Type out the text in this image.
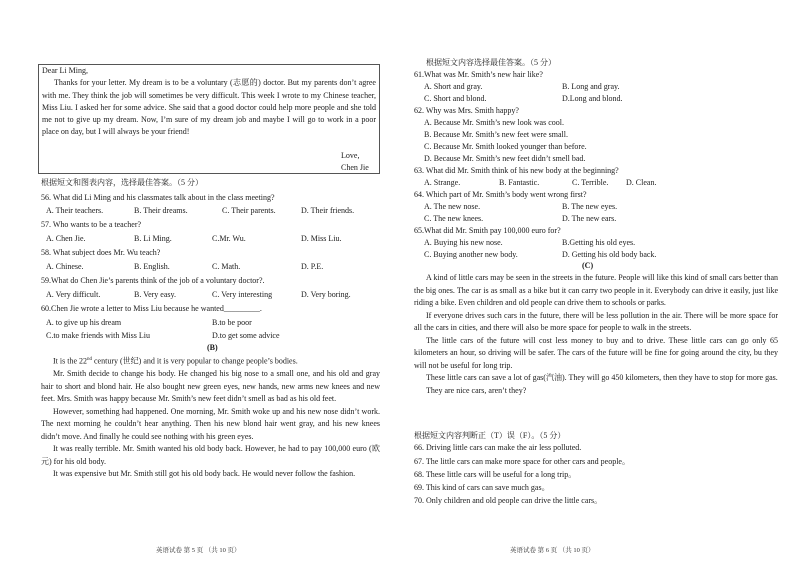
Dear Li Ming,

Thanks for your letter. My dream is to be a voluntary (志愿的) doctor. But my parents don’t agree with me. They think the job will sometimes be very difficult. This week I wrote to my Chinese teacher, Miss Liu. I asked her for some advice. She said that a good doctor could help more people and she told me not to give up my dream. Now, I’m sure of my dream job and maybe I will go to work in a poor place on day, but I will always be your friend!

Love,
Chen Jie
根据短文和图表内容，选择最佳答案。（5 分）
56. What did Li Ming and his classmates talk about in the class meeting?
A. Their teachers.	B. Their dreams.	C. Their parents.	D. Their friends.
57. Who wants to be a teacher?
A. Chen Jie.	B. Li Ming.	C.Mr. Wu.	D. Miss Liu.
58. What subject does Mr. Wu teach?
A. Chinese.	B. English.	C. Math.	D. P.E.
59.What do Chen Jie’s parents think of the job of a voluntary doctor?.
A. Very difficult.	B. Very easy.	C. Very interesting	D. Very boring.
60.Chen Jie wrote a letter to Miss Liu because he wanted_________.
A. to give up his dream	B.to be poor
C.to make friends with Miss Liu	D.to get some advice
(B)

It is the 22nd century (世纪) and it is very popular to change people’s bodies.

Mr. Smith decide to change his body. He changed his big nose to a small one, and his old and gray hair to short and blond hair. He also bought new green eyes, new hands, new arms new knees and new feet. Mrs. Smith was happy because Mr. Smith’s new feet didn’t smell as bad as his old feet.

However, something had happened. One morning, Mr. Smith woke up and his new nose didn’t work. The next morning he couldn’t hear anything. Then his new blond hair went gray, and his new knees didn’t move. And finally he could see nothing with his green eyes.

It was really terrible. Mr. Smith wanted his old body back. However, he had to pay 100,000 euro (欧元) for his old body.

It was expensive but Mr. Smith still got his old body back. He would never follow the fashion.

英语试卷 第 5 页 （共 10 页）
根据短文内容选择最佳答案。（5 分）
61.What was Mr. Smith’s new hair like?
A. Short and gray.	B. Long and gray.
C. Short and blond.	D.Long and blond.
62. Why was Mrs. Smith happy?
A. Because Mr. Smith’s new look was cool.
B. Because Mr. Smith’s new feet were small.
C. Because Mr. Smith looked younger than before.
D. Because Mr. Smith’s new feet didn’t smell bad.
63. What did Mr. Smith think of his new body at the beginning?
A. Strange.	B. Fantastic.	C. Terrible. D. Clean.
64. Which part of Mr. Smith’s body went wrong first?
A. The new nose.	B. The new eyes.
C. The new knees.	D. The new ears.
65.What did Mr. Smith pay 100,000 euro for?
A. Buying his new nose.	B.Getting his old eyes.
C. Buying another new body.	D. Getting his old body back.
(C)

A kind of little cars may be seen in the streets in the future. People will like this kind of small cars better than the big ones. The car is as small as a bike but it can carry two people in it. Everybody can drive it easily, just like riding a bike. Even children and old people can drive them to schools or parks.

If everyone drives such cars in the future, there will be less pollution in the air. There will be more space for all the cars in cities, and there will also be more space for people to walk in the streets.

The little cars of the future will cost less money to buy and to drive. These little cars can go only 65 kilometers an hour, so driving will be safer. The cars of the future will be fine for going around the city, bu they will not be useful for long trip.

These little cars can save a lot of gas(汽油). They will go 450 kilometers, then they have to stop for more gas.

They are nice cars, aren’t they?

根据短文内容判断正（T）误（F）。（5 分）
66. Driving little cars can make the air less polluted.
67. The little cars can make more space for other cars and people。
68. These little cars will be useful for a long trip。
69. This kind of cars can save much gas。
70. Only children and old people can drive the little cars。
英语试卷 第 6 页 （共 10 页）
